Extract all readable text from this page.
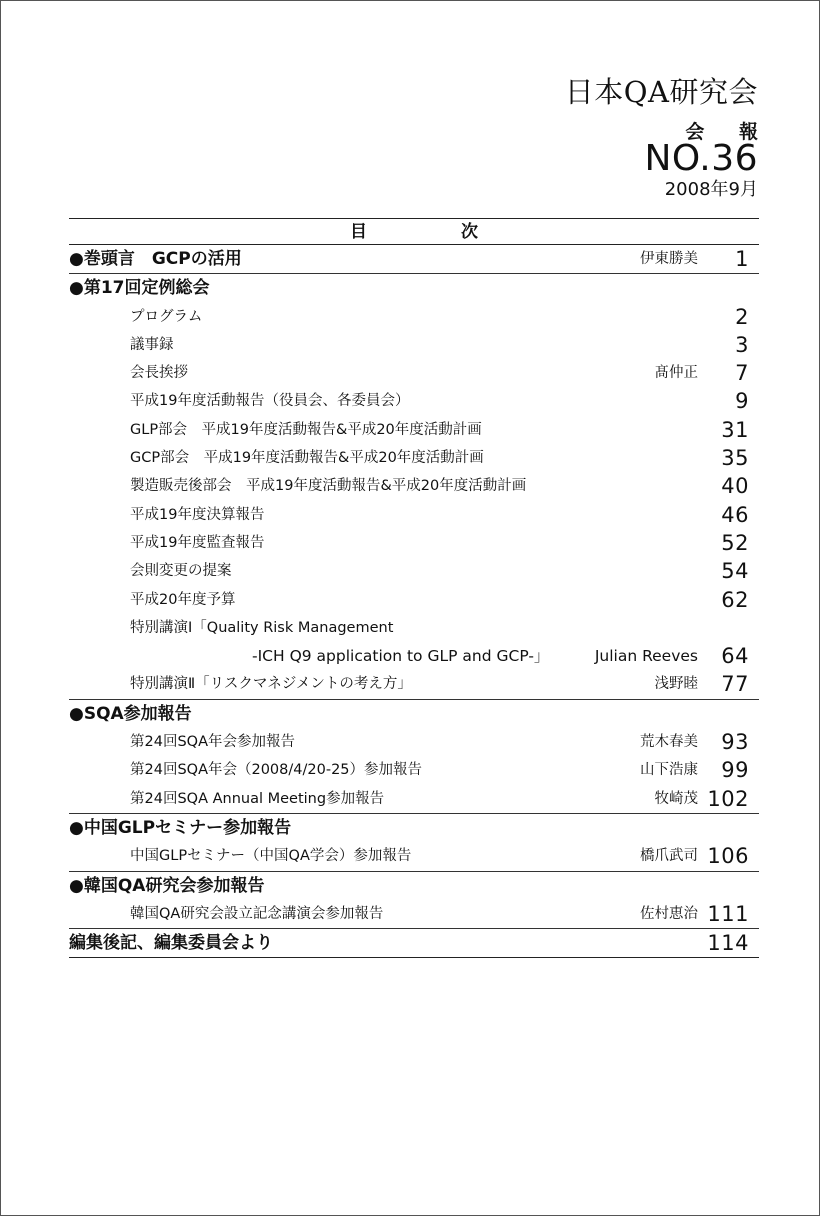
日本QA研究会
会 報
NO.36
2008年9月
目 次
●巻頭言　GCPの活用	伊東勝美 1
●第17回定例総会
プログラム	2
議事録	3
会長挨拶	髙仲正 7
平成19年度活動報告（役員会、各委員会）	9
GLP部会　平成19年度活動報告&平成20年度活動計画	31
GCP部会　平成19年度活動報告&平成20年度活動計画	35
製造販売後部会　平成19年度活動報告&平成20年度活動計画	40
平成19年度決算報告	46
平成19年度監査報告	52
会則変更の提案	54
平成20年度予算	62
特別講演Ⅰ「Quality Risk Management
-ICH Q9 application to GLP and GCP-」	Julian Reeves 64
特別講演Ⅱ「リスクマネジメントの考え方」	浅野睦 77
●SQA参加報告
第24回SQA年会参加報告	荒木春美 93
第24回SQA年会（2008/4/20-25）参加報告	山下浩康 99
第24回SQA Annual Meeting参加報告	牧崎茂 102
●中国GLPセミナー参加報告
中国GLPセミナー（中国QA学会）参加報告	橋爪武司 106
●韓国QA研究会参加報告
韓国QA研究会設立記念講演会参加報告	佐村恵治 111
編集後記、編集委員会より	114
